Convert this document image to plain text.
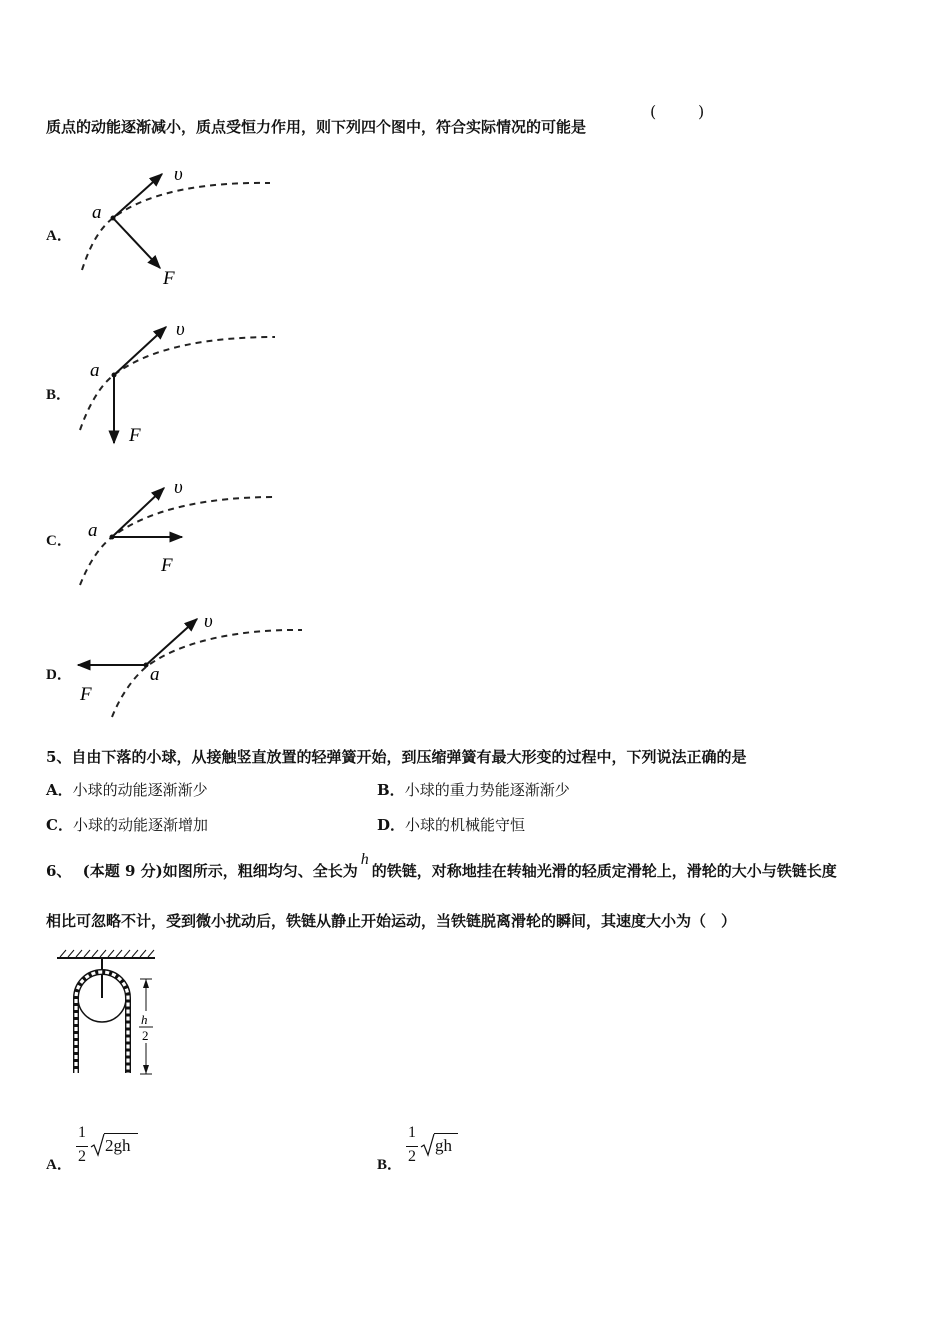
质点的动能逐渐减小，质点受恒力作用，则下列四个图中，符合实际情况的可能是
(	)
A．
a
υ
F
B．
a
υ
F
C． a
υ
F
D．	a
υ
F
5、自由下落的小球，从接触竖直放置的轻弹簧开始，到压缩弹簧有最大形变的过程中，下列说法正确的是
A．小球的动能逐渐渐少	B．小球的重力势能逐渐渐少
C．小球的动能逐渐增加	D．小球的机械能守恒
6、 (本题 9 分)如图所示，粗细均匀、全长为h的铁链，对称地挂在转轴光滑的轻质定滑轮上，滑轮的大小与铁链长度
相比可忽略不计，受到微小扰动后，铁链从静止开始运动，当铁链脱离滑轮的瞬间，其速度大小为（　）
h
2
A．
1
2
2gh
B．
1
2
gh
